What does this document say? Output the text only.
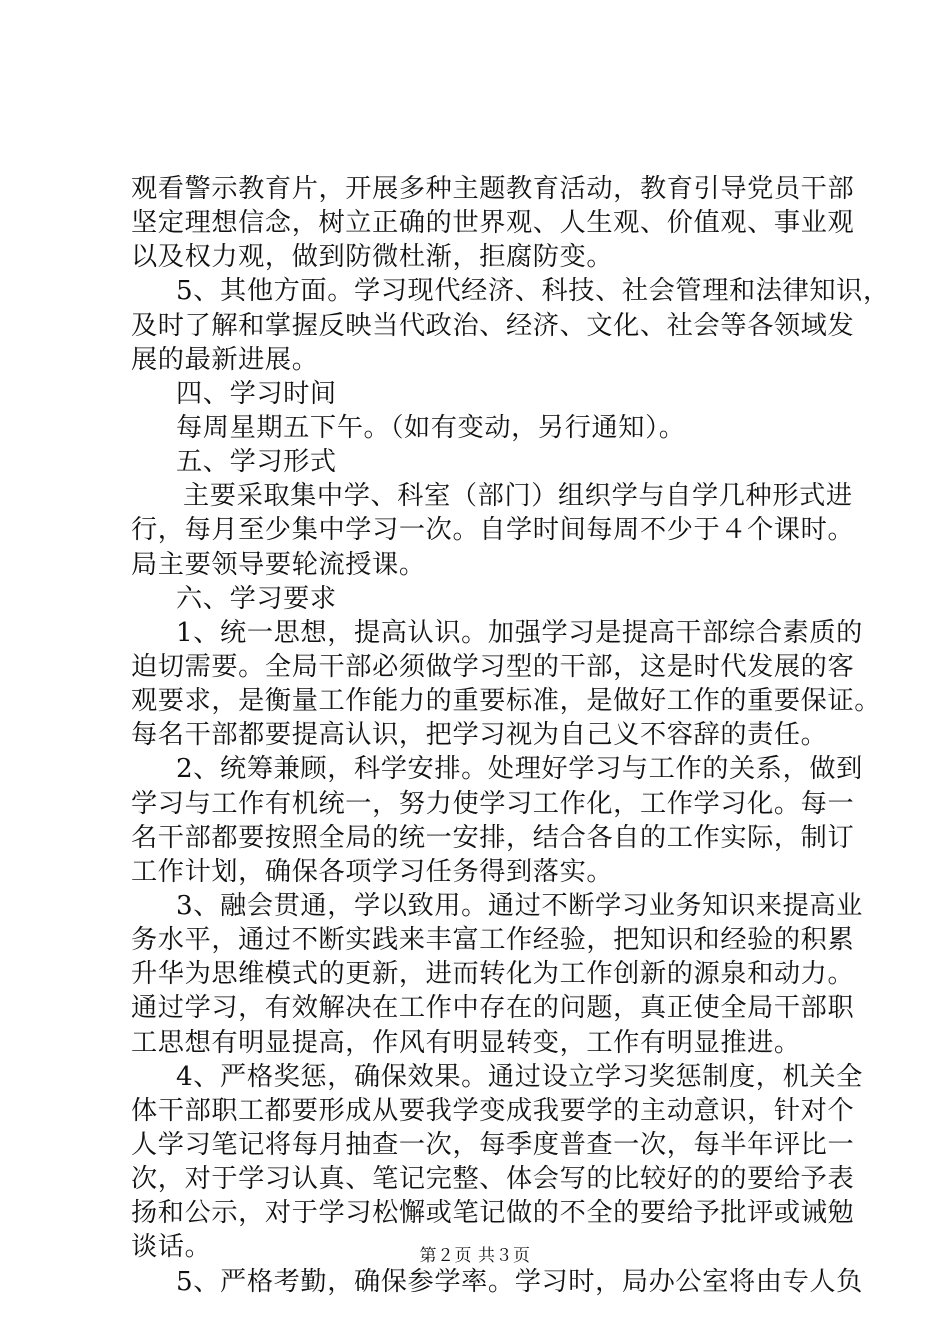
观看警示教育片，开展多种主题教育活动，教育引导党员干部
坚定理想信念，树立正确的世界观、人生观、价值观、事业观
以及权力观，做到防微杜渐，拒腐防变。
5、其他方面。学习现代经济、科技、社会管理和法律知识，
及时了解和掌握反映当代政治、经济、文化、社会等各领域发
展的最新进展。
四、学习时间
每周星期五下午。（如有变动，另行通知）。
五、学习形式
主要采取集中学、科室（部门）组织学与自学几种形式进
行，每月至少集中学习一次。自学时间每周不少于４个课时。
局主要领导要轮流授课。
六、学习要求
1、统一思想，提高认识。加强学习是提高干部综合素质的
迫切需要。全局干部必须做学习型的干部，这是时代发展的客
观要求，是衡量工作能力的重要标准，是做好工作的重要保证。
每名干部都要提高认识，把学习视为自己义不容辞的责任。
2、统筹兼顾，科学安排。处理好学习与工作的关系，做到
学习与工作有机统一，努力使学习工作化，工作学习化。每一
名干部都要按照全局的统一安排，结合各自的工作实际，制订
工作计划，确保各项学习任务得到落实。
3、融会贯通，学以致用。通过不断学习业务知识来提高业
务水平，通过不断实践来丰富工作经验，把知识和经验的积累
升华为思维模式的更新，进而转化为工作创新的源泉和动力。
通过学习，有效解决在工作中存在的问题，真正使全局干部职
工思想有明显提高，作风有明显转变，工作有明显推进。
4、严格奖惩，确保效果。通过设立学习奖惩制度，机关全
体干部职工都要形成从要我学变成我要学的主动意识，针对个
人学习笔记将每月抽查一次，每季度普查一次，每半年评比一
次，对于学习认真、笔记完整、体会写的比较好的的要给予表
扬和公示，对于学习松懈或笔记做的不全的要给予批评或诫勉
谈话。
5、严格考勤，确保参学率。学习时，局办公室将由专人负
第２页 共３页
